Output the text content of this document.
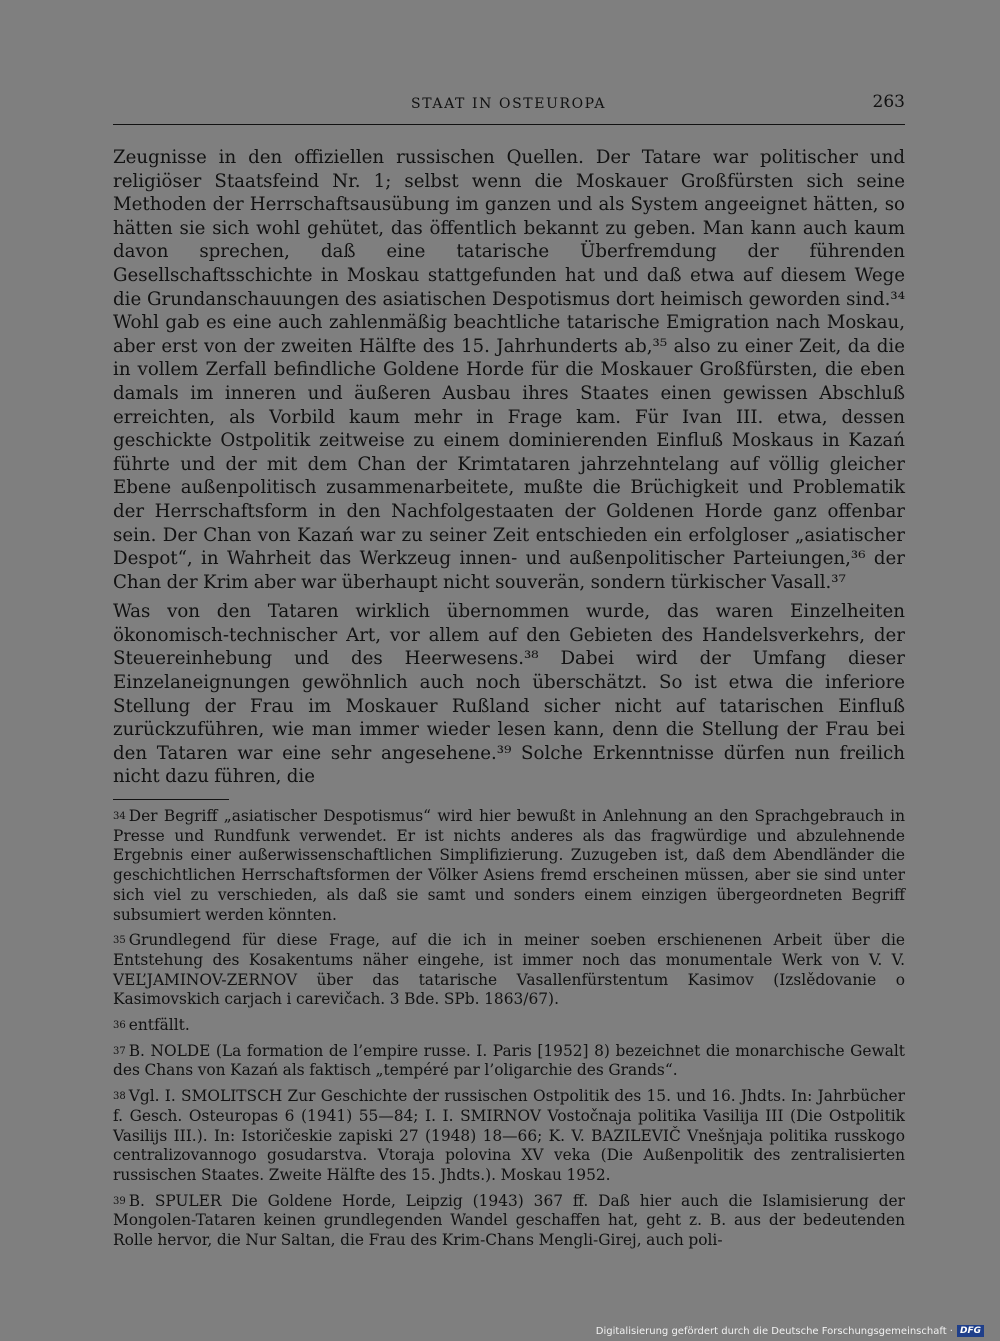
STAAT IN OSTEUROPA	263

Zeugnisse in den offiziellen russischen Quellen. Der Tatare war politischer und religiöser Staatsfeind Nr. 1; selbst wenn die Moskauer Großfürsten sich seine Methoden der Herrschaftsausübung im ganzen und als System angeeignet hätten, so hätten sie sich wohl gehütet, das öffentlich bekannt zu geben. Man kann auch kaum davon sprechen, daß eine tatarische Überfremdung der führenden Gesellschaftsschichte in Moskau stattgefunden hat und daß etwa auf diesem Wege die Grundanschauungen des asiatischen Despotismus dort heimisch geworden sind.³⁴ Wohl gab es eine auch zahlenmäßig beachtliche tatarische Emigration nach Moskau, aber erst von der zweiten Hälfte des 15. Jahrhunderts ab,³⁵ also zu einer Zeit, da die in vollem Zerfall befindliche Goldene Horde für die Moskauer Großfürsten, die eben damals im inneren und äußeren Ausbau ihres Staates einen gewissen Abschluß erreichten, als Vorbild kaum mehr in Frage kam. Für Ivan III. etwa, dessen geschickte Ostpolitik zeitweise zu einem dominierenden Einfluß Moskaus in Kazań führte und der mit dem Chan der Krimtataren jahrzehntelang auf völlig gleicher Ebene außenpolitisch zusammenarbeitete, mußte die Brüchigkeit und Problematik der Herrschaftsform in den Nachfolgestaaten der Goldenen Horde ganz offenbar sein. Der Chan von Kazań war zu seiner Zeit entschieden ein erfolgloser „asiatischer Despot“, in Wahrheit das Werkzeug innen- und außenpolitischer Parteiungen,³⁶ der Chan der Krim aber war überhaupt nicht souverän, sondern türkischer Vasall.³⁷

Was von den Tataren wirklich übernommen wurde, das waren Einzelheiten ökonomisch-technischer Art, vor allem auf den Gebieten des Handelsverkehrs, der Steuereinhebung und des Heerwesens.³⁸ Dabei wird der Umfang dieser Einzelaneignungen gewöhnlich auch noch überschätzt. So ist etwa die inferiore Stellung der Frau im Moskauer Rußland sicher nicht auf tatarischen Einfluß zurückzuführen, wie man immer wieder lesen kann, denn die Stellung der Frau bei den Tataren war eine sehr angesehene.³⁹ Solche Erkenntnisse dürfen nun freilich nicht dazu führen, die

$^{34}$ Der Begriff „asiatischer Despotismus“ wird hier bewußt in Anlehnung an den Sprachgebrauch in Presse und Rundfunk verwendet. Er ist nichts anderes als das fragwürdige und abzulehnende Ergebnis einer außerwissenschaftlichen Simplifizierung. Zuzugeben ist, daß dem Abendländer die geschichtlichen Herrschaftsformen der Völker Asiens fremd erscheinen müssen, aber sie sind unter sich viel zu verschieden, als daß sie samt und sonders einem einzigen übergeordneten Begriff subsumiert werden könnten.

$^{35}$ Grundlegend für diese Frage, auf die ich in meiner soeben erschienenen Arbeit über die Entstehung des Kosakentums näher eingehe, ist immer noch das monumentale Werk von V. V. VEL’JAMINOV-ZERNOV über das tatarische Vasallenfürstentum Kasimov (Izslědovanie o Kasimovskich carjach i carevičach. 3 Bde. SPb. 1863/67).

$^{36}$ entfällt.

$^{37}$ B. NOLDE (La formation de l’empire russe. I. Paris [1952] 8) bezeichnet die monarchische Gewalt des Chans von Kazań als faktisch „tempéré par l’oligarchie des Grands“.

$^{38}$ Vgl. I. SMOLITSCH Zur Geschichte der russischen Ostpolitik des 15. und 16. Jhdts. In: Jahrbücher f. Gesch. Osteuropas 6 (1941) 55—84; I. I. SMIRNOV Vostočnaja politika Vasilija III (Die Ostpolitik Vasilijs III.). In: Istoričeskie zapiski 27 (1948) 18—66; K. V. BAZILEVIČ Vnešnjaja politika russkogo centralizovannogo gosudarstva. Vtoraja polovina XV veka (Die Außenpolitik des zentralisierten russischen Staates. Zweite Hälfte des 15. Jhdts.). Moskau 1952.

$^{39}$ B. SPULER Die Goldene Horde, Leipzig (1943) 367 ff. Daß hier auch die Islamisierung der Mongolen-Tataren keinen grundlegenden Wandel geschaffen hat, geht z. B. aus der bedeutenden Rolle hervor, die Nur Saltan, die Frau des Krim-Chans Mengli-Girej, auch poli-

Digitalisierung gefördert durch die Deutsche Forschungsgemeinschaft · DFG
